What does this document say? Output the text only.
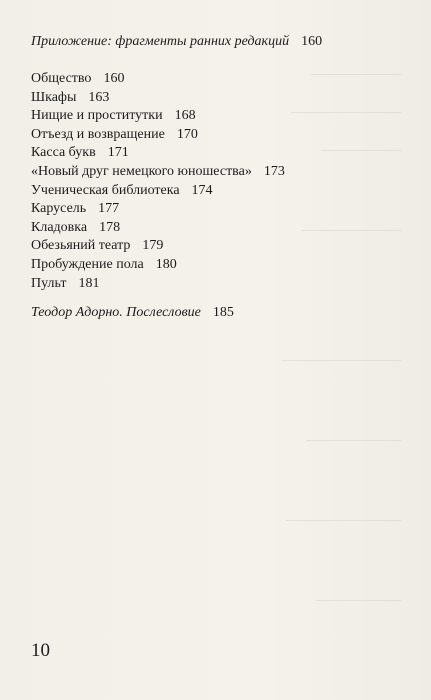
Приложение: фрагменты ранних редакций 160
Общество 160
Шкафы 163
Нищие и проститутки 168
Отъезд и возвращение 170
Касса букв 171
«Новый друг немецкого юношества» 173
Ученическая библиотека 174
Карусель 177
Кладовка 178
Обезьяний театр 179
Пробуждение пола 180
Пульт 181
Теодор Адорно. Послесловие 185
10
